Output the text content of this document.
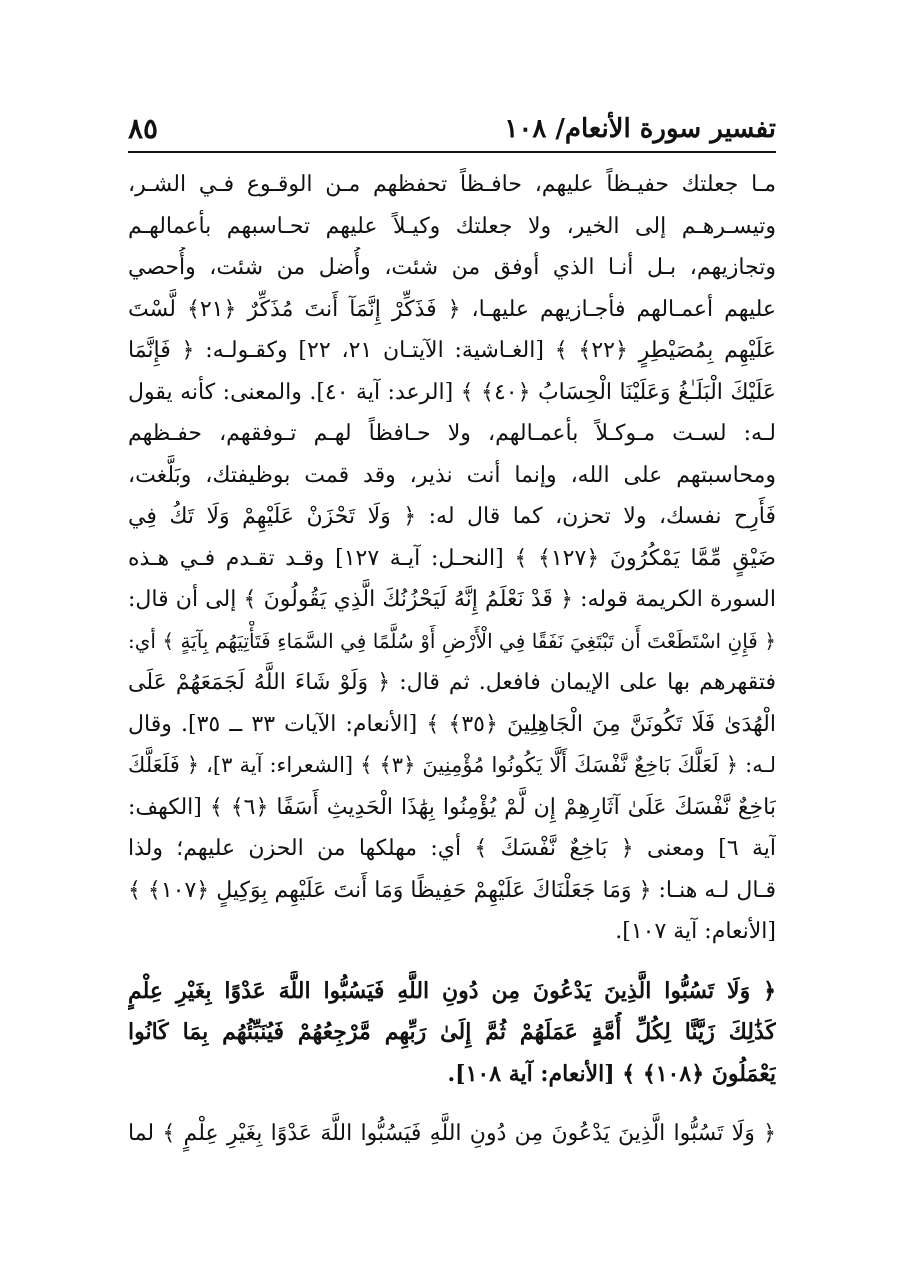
تفسير سورة الأنعام/ ١٠٨
٨٥
مـا جعلتك حفيـظاً عليهم، حافـظاً تحفظهم مـن الوقـوع فـي الشـر،
وتيسـرهـم إلى الخير، ولا جعلتك وكيـلاً عليهم تحـاسبهم بأعمالهـم
وتجازيهم، بـل أنـا الذي أوفق من شئت، وأُضل من شئت، وأُحصي
عليهم أعمـالهم فأجـازيهم عليهـا، ﴿ فَذَكِّرْ إِنَّمَآ أَنتَ مُذَكِّرٌ ﴿٢١﴾ لَّسْتَ
عَلَيْهِم بِمُصَيْطِرٍ ﴿٢٢﴾ ﴾ [الغـاشية: الآيتـان ٢١، ٢٢] وكقـولـه: ﴿ فَإِنَّمَا
عَلَيْكَ الْبَلَـٰغُ وَعَلَيْنَا الْحِسَابُ ﴿٤٠﴾ ﴾ [الرعد: آية ٤٠]. والمعنى: كأنه يقول
لـه: لسـت مـوكـلاً بأعمـالهم، ولا حـافظاً لهـم تـوفقهم، حفـظهم
ومحاسبتهم على الله، وإنما أنت نذير، وقد قمت بوظيفتك، وبَلَّغت،
فَأَرِح نفسك، ولا تحزن، كما قال له: ﴿ وَلَا تَحْزَنْ عَلَيْهِمْ وَلَا تَكُ فِي
ضَيْقٍ مِّمَّا يَمْكُرُونَ ﴿١٢٧﴾ ﴾ [النحـل: آيـة ١٢٧] وقـد تقـدم فـي هـذه
السورة الكريمة قوله: ﴿ قَدْ نَعْلَمُ إِنَّهُ لَيَحْزُنُكَ الَّذِي يَقُولُونَ ﴾ إلى أن قال:
﴿ فَإِنِ اسْتَطَعْتَ أَن تَبْتَغِيَ نَفَقًا فِي الْأَرْضِ أَوْ سُلَّمًا فِي السَّمَاءِ فَتَأْتِيَهُم بِآيَةٍ ﴾ أي:
فتقهرهم بها على الإيمان فافعل. ثم قال: ﴿ وَلَوْ شَاءَ اللَّهُ لَجَمَعَهُمْ عَلَى
الْهُدَىٰ فَلَا تَكُونَنَّ مِنَ الْجَاهِلِينَ ﴿٣٥﴾ ﴾ [الأنعام: الآيات ٣٣ ــ ٣٥]. وقال
لـه: ﴿ لَعَلَّكَ بَاخِعٌ نَّفْسَكَ أَلَّا يَكُونُوا مُؤْمِنِينَ ﴿٣﴾ ﴾ [الشعراء: آية ٣]، ﴿ فَلَعَلَّكَ
بَاخِعٌ نَّفْسَكَ عَلَىٰ آثَارِهِمْ إِن لَّمْ يُؤْمِنُوا بِهَٰذَا الْحَدِيثِ أَسَفًا ﴿٦﴾ ﴾ [الكهف:
آية ٦] ومعنى ﴿ بَاخِعٌ نَّفْسَكَ ﴾ أي: مهلكها من الحزن عليهم؛ ولذا
قـال لـه هنـا: ﴿ وَمَا جَعَلْنَاكَ عَلَيْهِمْ حَفِيظًا وَمَا أَنتَ عَلَيْهِم بِوَكِيلٍ ﴿١٠٧﴾ ﴾
[الأنعام: آية ١٠٧].
﴿ وَلَا تَسُبُّوا الَّذِينَ يَدْعُونَ مِن دُونِ اللَّهِ فَيَسُبُّوا اللَّهَ عَدْوًا بِغَيْرِ عِلْمٍ
كَذَٰلِكَ زَيَّنَّا لِكُلِّ أُمَّةٍ عَمَلَهُمْ ثُمَّ إِلَىٰ رَبِّهِم مَّرْجِعُهُمْ فَيُنَبِّئُهُم بِمَا كَانُوا
يَعْمَلُونَ ﴿١٠٨﴾ ﴾ [الأنعام: آية ١٠٨].
﴿ وَلَا تَسُبُّوا الَّذِينَ يَدْعُونَ مِن دُونِ اللَّهِ فَيَسُبُّوا اللَّهَ عَدْوًا بِغَيْرِ عِلْمٍ ﴾ لما
